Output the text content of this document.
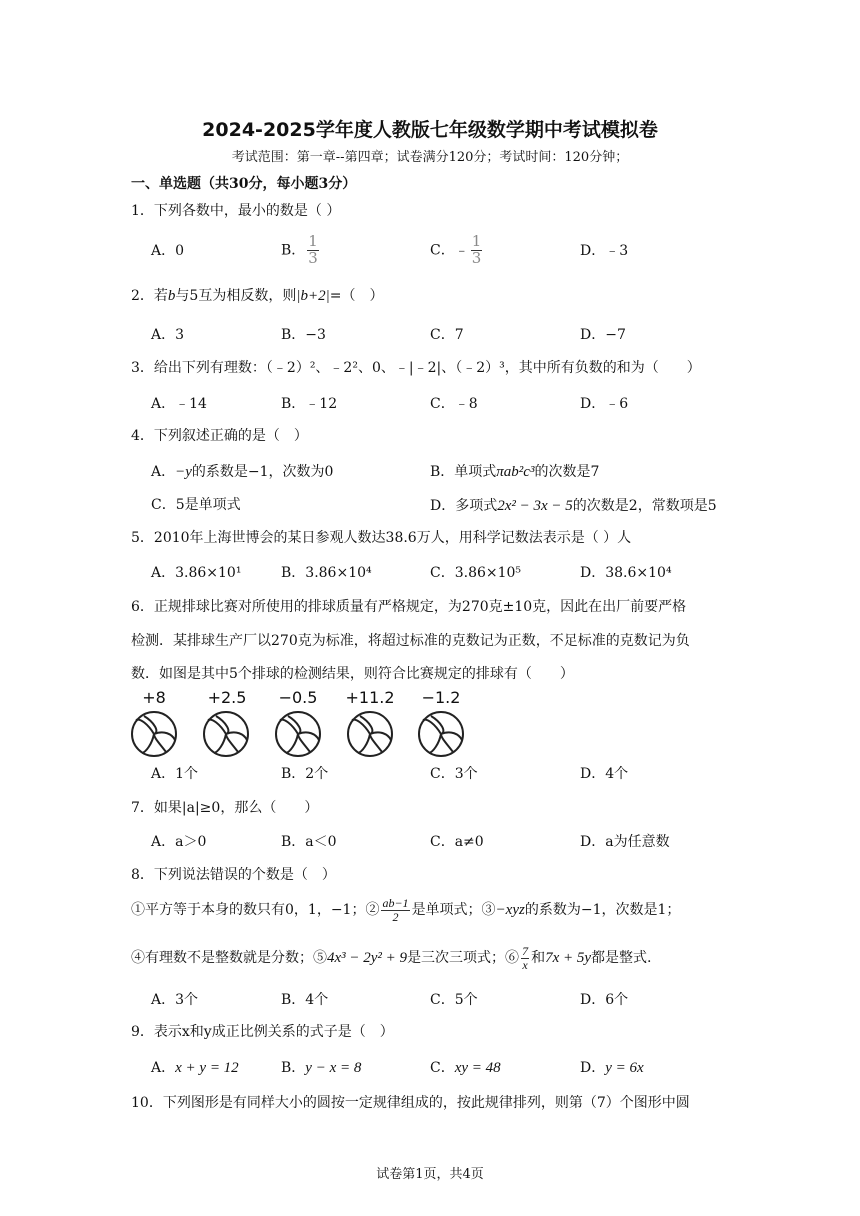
2024-2025学年度人教版七年级数学期中考试模拟卷
考试范围：第一章--第四章；试卷满分120分；考试时间：120分钟；
一、单选题（共30分，每小题3分）
1．下列各数中，最小的数是（ ）
A．0	B． $\frac{1}{3}$	C．﹣ $\frac{1}{3}$	D．﹣3
2．若b与5互为相反数，则|b+2|=（　）
A．3	B．−3	C．7	D．−7
3．给出下列有理数：（﹣2）²、﹣2²、0、﹣|﹣2|、（﹣2）³，其中所有负数的和为（　　）
A．﹣14	B．﹣12	C．﹣8	D．﹣6
4．下列叙述正确的是（　）
A．−y的系数是−1，次数为0	B．单项式πab²c³的次数是7
C．5是单项式	D．多项式2x² − 3x − 5的次数是2，常数项是5
5．2010年上海世博会的某日参观人数达38.6万人，用科学记数法表示是（ ）人
A．3.86×10¹	B．3.86×10⁴	C．3.86×10⁵	D．38.6×10⁴
6．正规排球比赛对所使用的排球质量有严格规定，为270克±10克，因此在出厂前要严格
检测．某排球生产厂以270克为标准，将超过标准的克数记为正数，不足标准的克数记为负
数．如图是其中5个排球的检测结果，则符合比赛规定的排球有（　　）
+8	+2.5	−0.5	+11.2	−1.2
A．1个	B．2个	C．3个	D．4个
7．如果|a|≥0，那么（　　）
A．a＞0	B．a＜0	C．a≠0	D．a为任意数
8．下列说法错误的个数是（　）
①平方等于本身的数只有0，1，−1；② $\frac{ab-1}{2}$ 是单项式；③−xyz的系数为−1，次数是1；
④有理数不是整数就是分数；⑤4x³ − 2y² + 9是三次三项式；⑥ $\frac{7}{x}$ 和7x + 5y都是整式.
A．3个	B．4个	C．5个	D．6个
9．表示x和y成正比例关系的式子是（　）
A．x + y = 12	B．y − x = 8	C．xy = 48	D．y = 6x
10．下列图形是有同样大小的圆按一定规律组成的，按此规律排列，则第（7）个图形中圆
试卷第1页，共4页
